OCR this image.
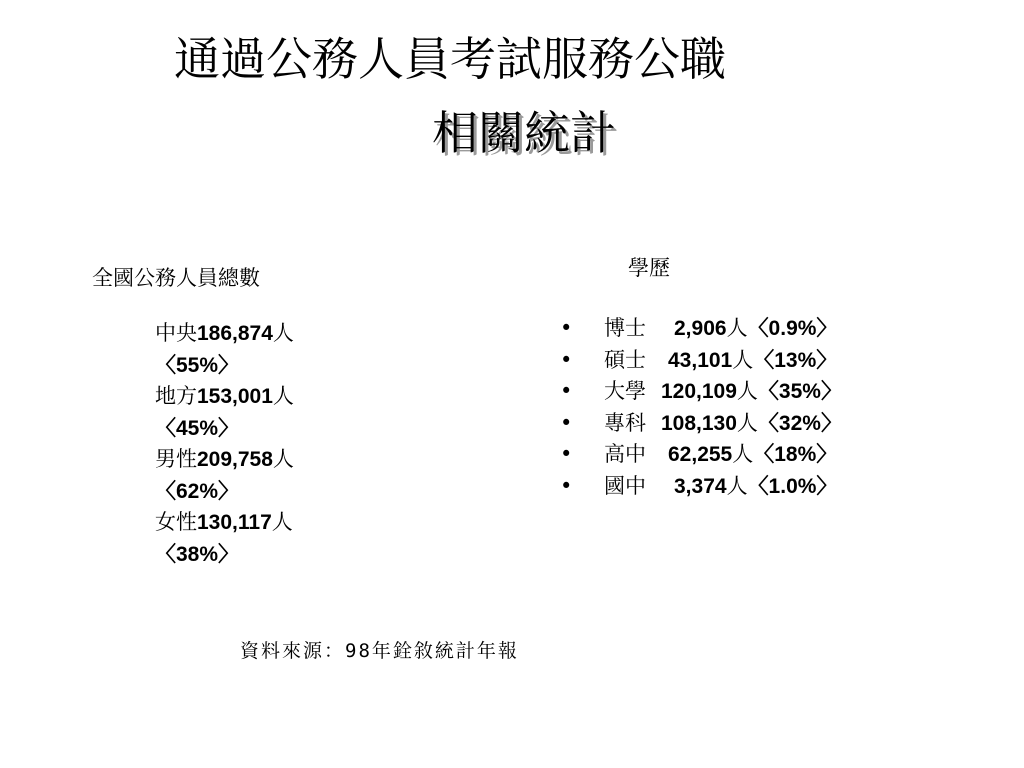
通過公務人員考試服務公職
相關統計
全國公務人員總數	學歷
中央186,874人
〈55%〉
地方153,001人
〈45%〉
男性209,758人
〈62%〉
女性130,117人
〈38%〉
• 博士 2,906人〈0.9%〉
• 碩士 43,101人〈13%〉
• 大學 120,109人〈35%〉
• 專科 108,130人〈32%〉
• 高中 62,255人〈18%〉
• 國中 3,374人〈1.0%〉
資料來源：98年銓敘統計年報
